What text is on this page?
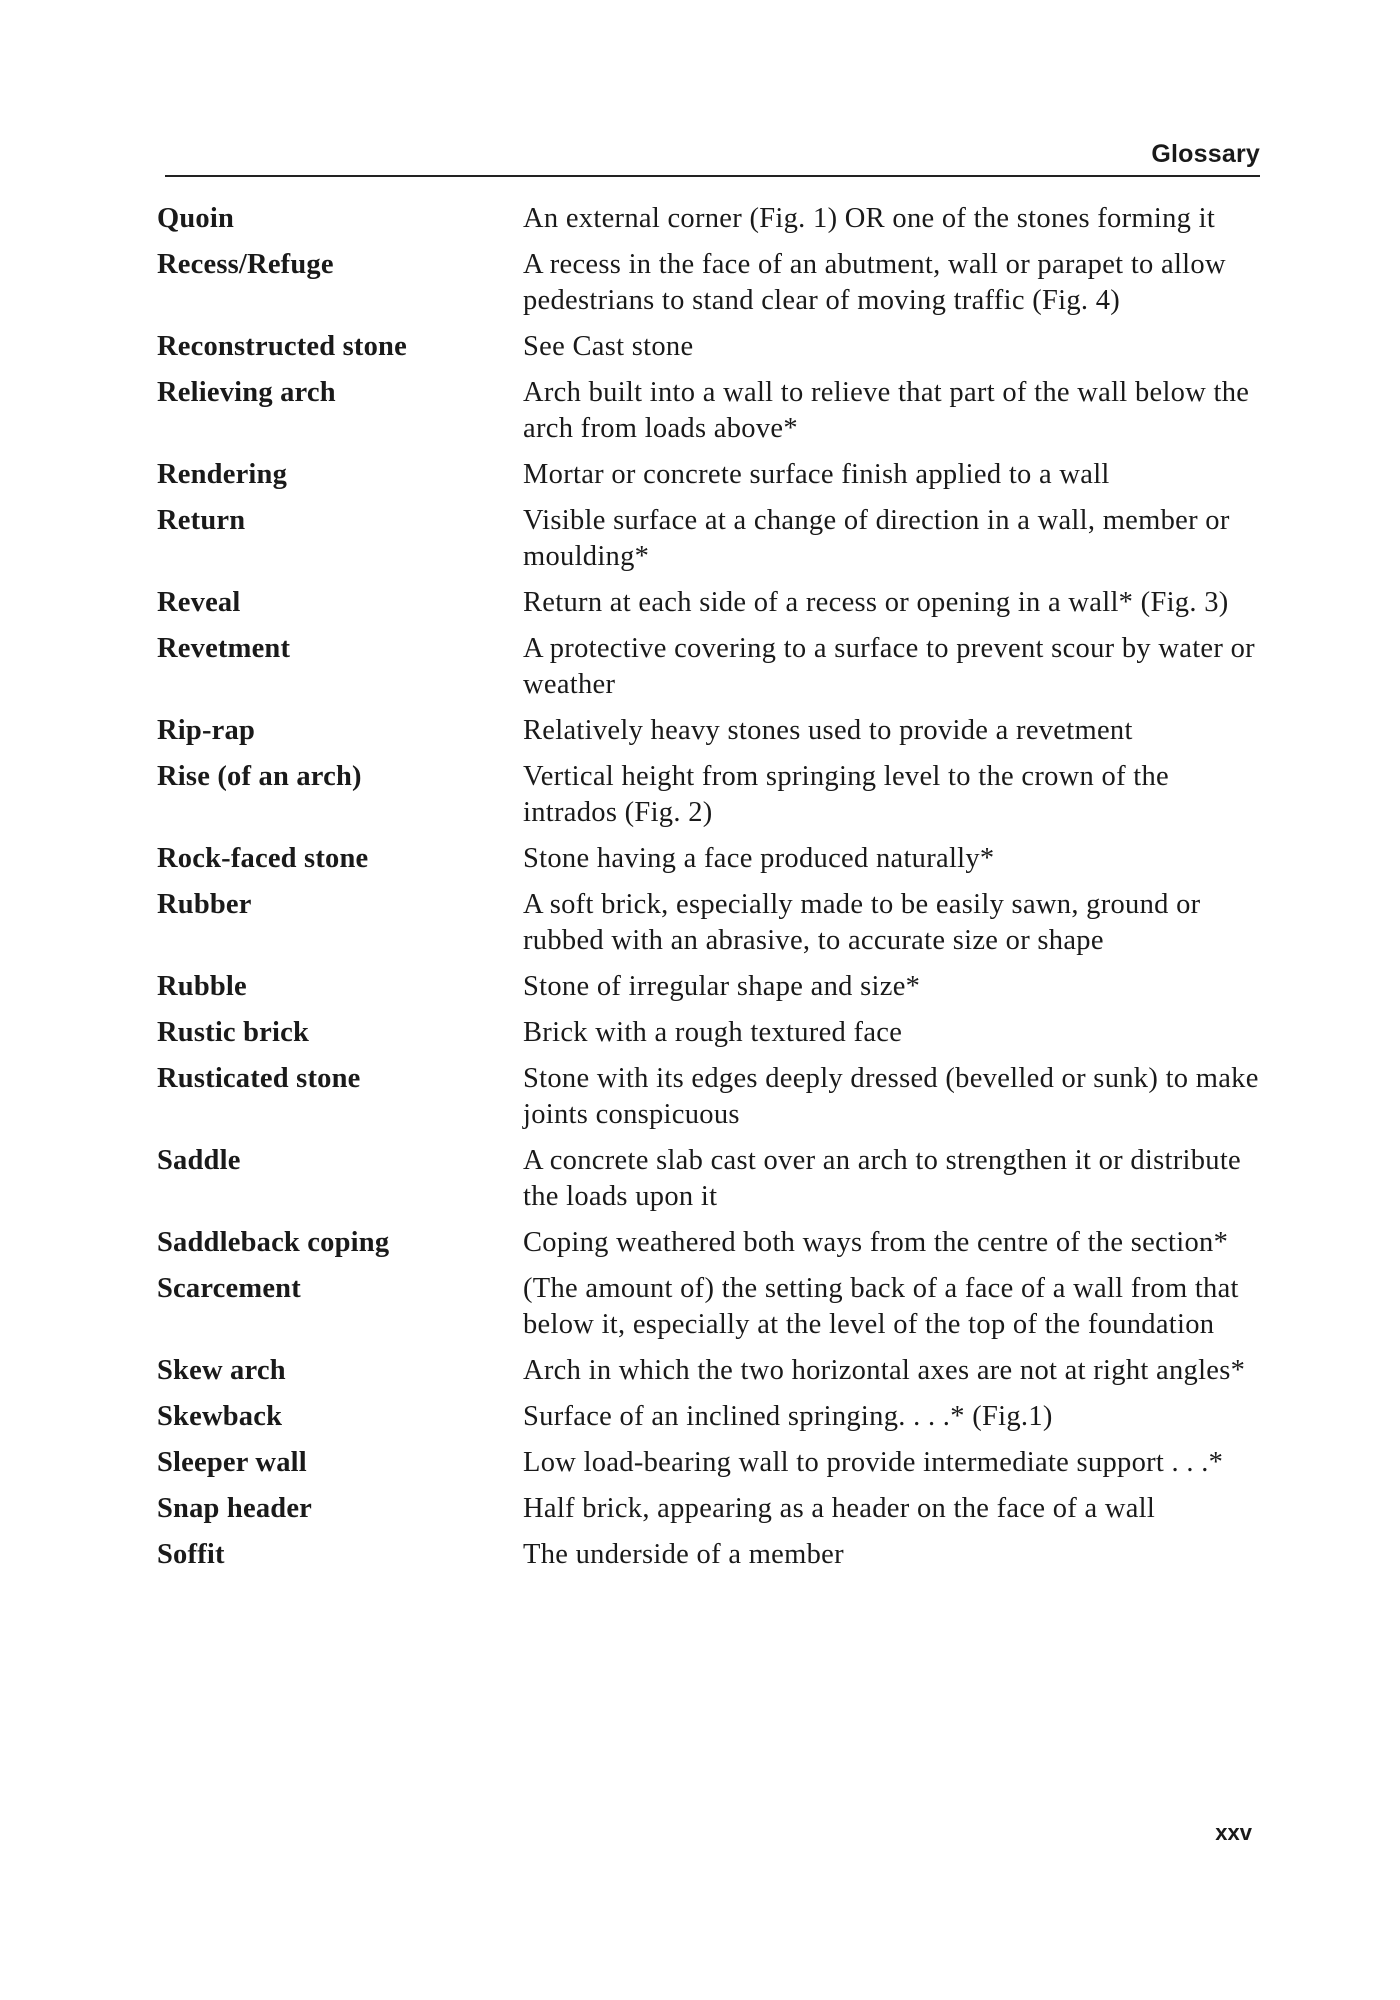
Glossary
Quoin	An external corner (Fig. 1) OR one of the stones forming it
Recess/Refuge	A recess in the face of an abutment, wall or parapet to allow pedestrians to stand clear of moving traffic (Fig. 4)
Reconstructed stone	See Cast stone
Relieving arch	Arch built into a wall to relieve that part of the wall below the arch from loads above*
Rendering	Mortar or concrete surface finish applied to a wall
Return	Visible surface at a change of direction in a wall, member or moulding*
Reveal	Return at each side of a recess or opening in a wall* (Fig. 3)
Revetment	A protective covering to a surface to prevent scour by water or weather
Rip-rap	Relatively heavy stones used to provide a revetment
Rise (of an arch)	Vertical height from springing level to the crown of the intrados (Fig. 2)
Rock-faced stone	Stone having a face produced naturally*
Rubber	A soft brick, especially made to be easily sawn, ground or rubbed with an abrasive, to accurate size or shape
Rubble	Stone of irregular shape and size*
Rustic brick	Brick with a rough textured face
Rusticated stone	Stone with its edges deeply dressed (bevelled or sunk) to make joints conspicuous
Saddle	A concrete slab cast over an arch to strengthen it or distribute the loads upon it
Saddleback coping	Coping weathered both ways from the centre of the section*
Scarcement	(The amount of) the setting back of a face of a wall from that below it, especially at the level of the top of the foundation
Skew arch	Arch in which the two horizontal axes are not at right angles*
Skewback	Surface of an inclined springing. . . .* (Fig.1)
Sleeper wall	Low load-bearing wall to provide intermediate support . . .*
Snap header	Half brick, appearing as a header on the face of a wall
Soffit	The underside of a member
xxv
